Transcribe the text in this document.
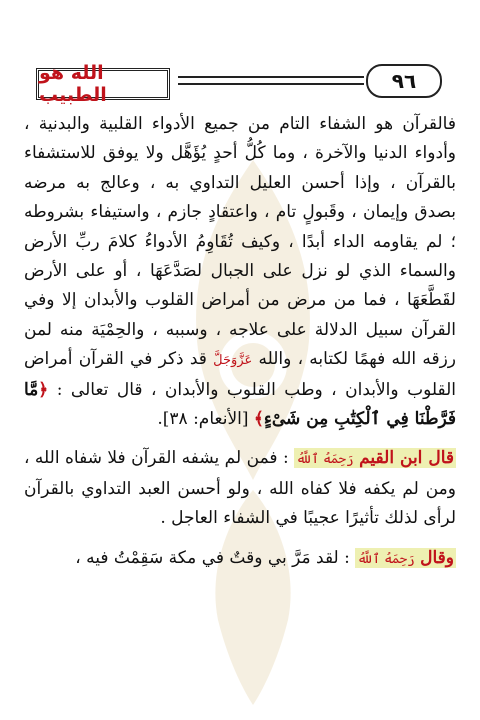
الله هو الطبيب
٩٦

فالقرآن هو الشفاء التام من جميع الأدواء القلبية والبدنية ، وأدواء الدنيا والآخرة ، وما كُلُّ أحدٍ يُؤَهَّل ولا يوفق للاستشفاء بالقرآن ، وإذا أحسن العليل التداوي به ، وعالج به مرضه بصدق وإيمان ، وقَبولٍ تام ، واعتقادٍ جازم ، واستيفاء بشروطه ؛ لم يقاومه الداء أبدًا ، وكيف تُقَاوِمُ الأدواءُ كلامَ ربِّ الأرض والسماء الذي لو نزل على الجبال لصَدَّعَهَا ، أو على الأرض لقَطَّعَهَا ، فما من مرض من أمراض القلوب والأبدان إلا وفي القرآن سبيل الدلالة على علاجه ، وسببه ، والحِمْيَة منه لمن رزقه الله فهمًا لكتابه ، والله عَزَّوَجَلَّ قد ذكر في القرآن أمراض القلوب والأبدان ، وطب القلوب والأبدان ، قال تعالى : ﴿مَّا فَرَّطْنَا فِي ٱلْكِتَٰبِ مِن شَىْءٍ﴾ [الأنعام: ٣٨].

قال ابن القيم رَحِمَهُ ٱللَّهُ : فمن لم يشفه القرآن فلا شفاه الله ، ومن لم يكفه فلا كفاه الله ، ولو أحسن العبد التداوي بالقرآن لرأى لذلك تأثيرًا عجيبًا في الشفاء العاجل .

وقال رَحِمَهُ ٱللَّهُ : لقد مَرَّ بي وقتٌ في مكة سَقِمْتُ فيه ،
